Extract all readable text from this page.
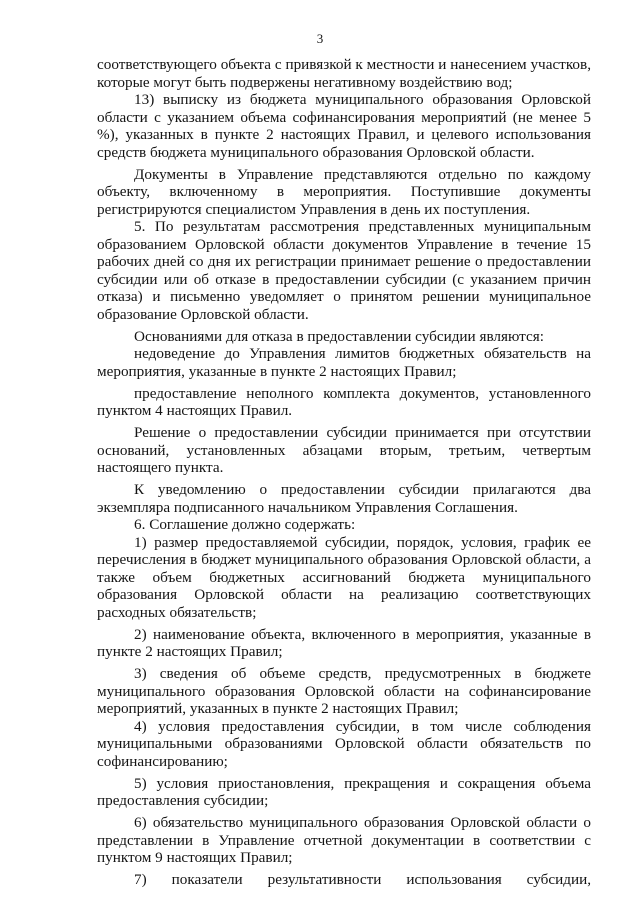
3

соответствующего объекта с привязкой к местности и нанесением участков, которые могут быть подвержены негативному воздействию вод;

13) выписку из бюджета муниципального образования Орловской области с указанием объема софинансирования мероприятий (не менее 5 %), указанных в пункте 2 настоящих Правил, и целевого использования средств бюджета муниципального образования Орловской области.

Документы в Управление представляются отдельно по каждому объекту, включенному в мероприятия. Поступившие документы регистрируются специалистом Управления в день их поступления.

5. По результатам рассмотрения представленных муниципальным образованием Орловской области документов Управление в течение 15 рабочих дней со дня их регистрации принимает решение о предоставлении субсидии или об отказе в предоставлении субсидии (с указанием причин отказа) и письменно уведомляет о принятом решении муниципальное образование Орловской области.

Основаниями для отказа в предоставлении субсидии являются:

недоведение до Управления лимитов бюджетных обязательств на мероприятия, указанные в пункте 2 настоящих Правил;

предоставление неполного комплекта документов, установленного пунктом 4 настоящих Правил.

Решение о предоставлении субсидии принимается при отсутствии оснований, установленных абзацами вторым, третьим, четвертым настоящего пункта.

К уведомлению о предоставлении субсидии прилагаются два экземпляра подписанного начальником Управления Соглашения.

6. Соглашение должно содержать:

1) размер предоставляемой субсидии, порядок, условия, график ее перечисления в бюджет муниципального образования Орловской области, а также объем бюджетных ассигнований бюджета муниципального образования Орловской области на реализацию соответствующих расходных обязательств;

2) наименование объекта, включенного в мероприятия, указанные в пункте 2 настоящих Правил;

3) сведения об объеме средств, предусмотренных в бюджете муниципального образования Орловской области на софинансирование мероприятий, указанных в пункте 2 настоящих Правил;

4) условия предоставления субсидии, в том числе соблюдения муниципальными образованиями Орловской области обязательств по софинансированию;

5) условия приостановления, прекращения и сокращения объема предоставления субсидии;

6) обязательство муниципального образования Орловской области о представлении в Управление отчетной документации в соответствии с пунктом 9 настоящих Правил;

7) показатели результативности использования субсидии,
